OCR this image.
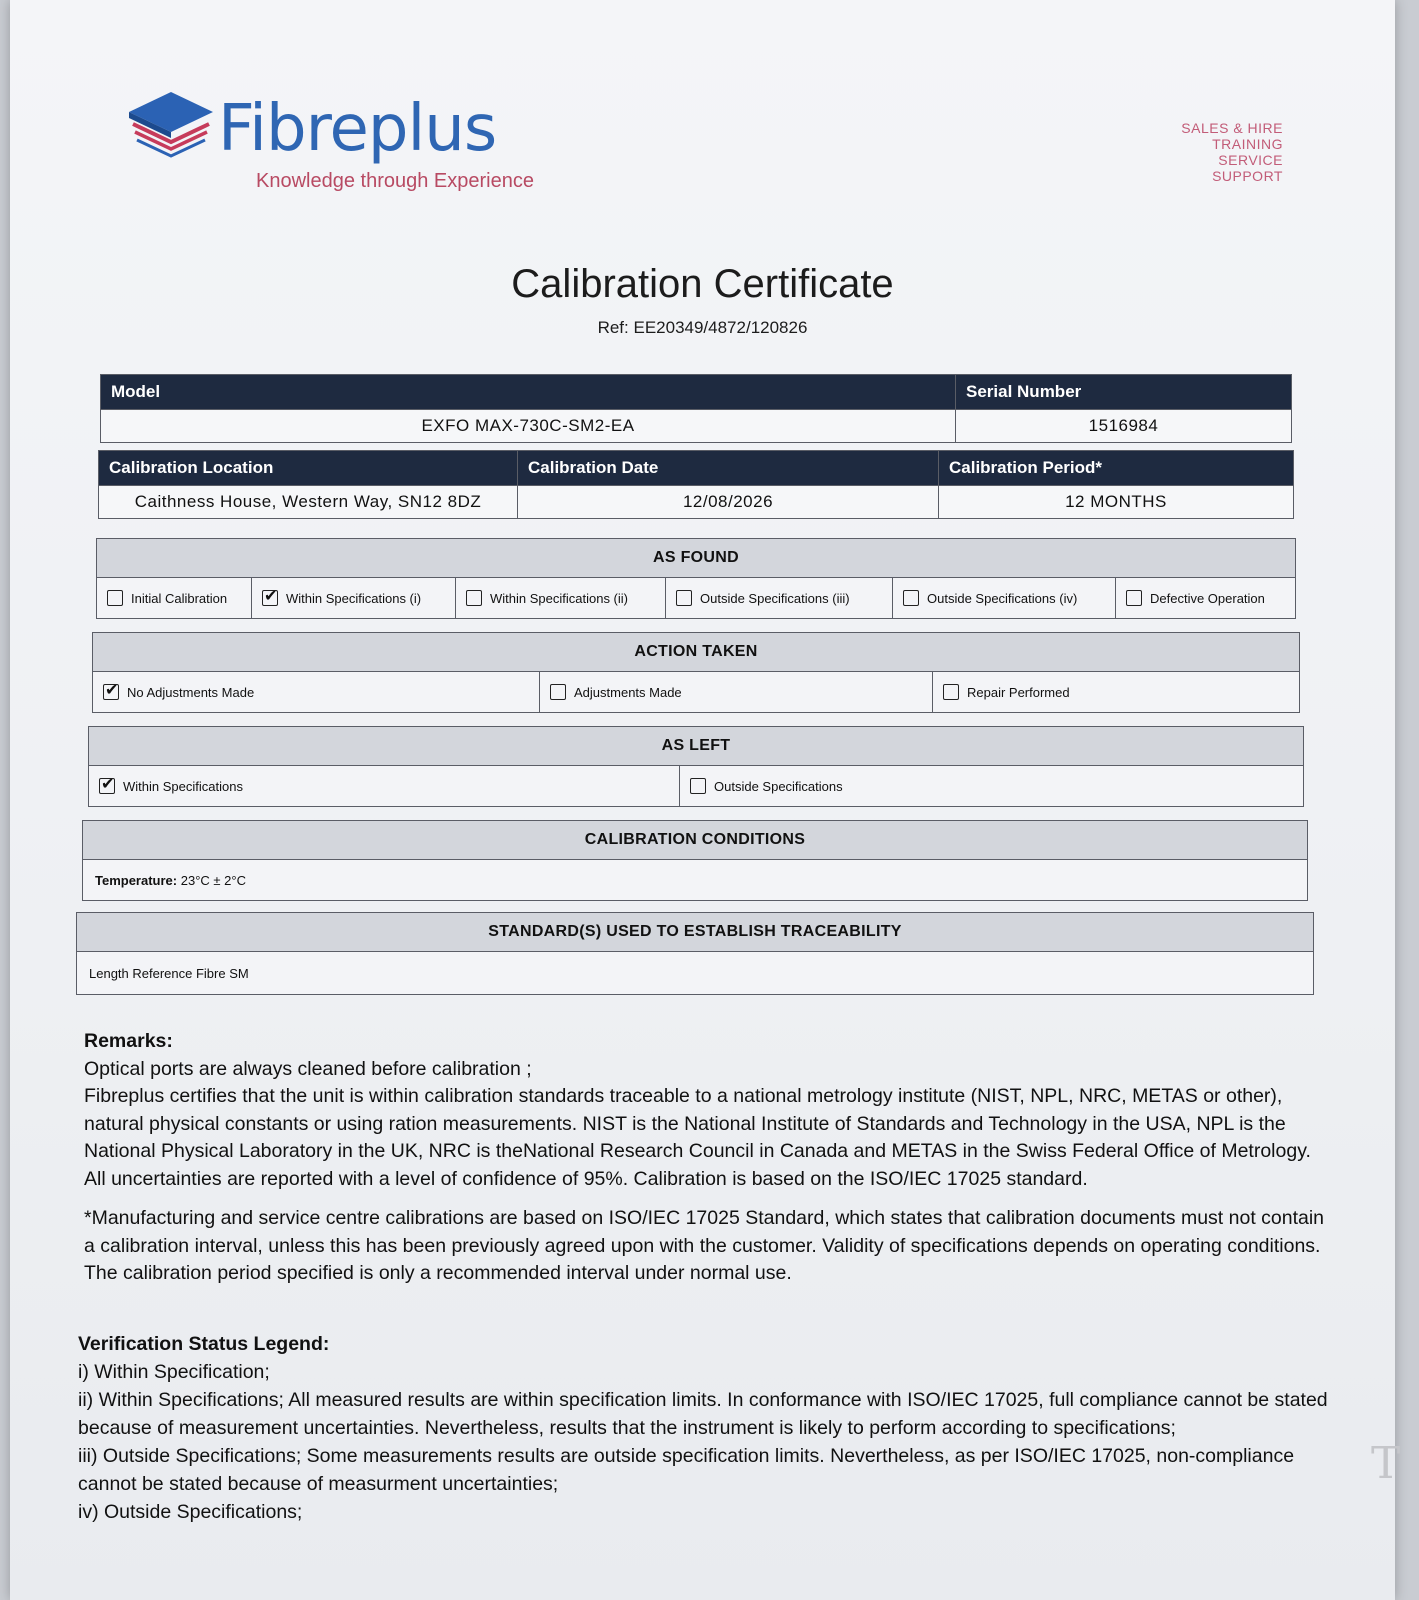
Fibreplus
Knowledge through Experience
SALES & HIRE
TRAINING
SERVICE
SUPPORT
Calibration Certificate
Ref: EE20349/4872/120826
Model	Serial Number
EXFO MAX-730C-SM2-EA	1516984
Calibration Location	Calibration Date	Calibration Period*
Caithness House, Western Way, SN12 8DZ	12/08/2026	12 MONTHS
AS FOUND
Initial Calibration	✔Within Specifications (i)	Within Specifications (ii)	Outside Specifications (iii)	Outside Specifications (iv)	Defective Operation
ACTION TAKEN
✔No Adjustments Made	Adjustments Made	Repair Performed
AS LEFT
✔Within Specifications	Outside Specifications
CALIBRATION CONDITIONS
Temperature: 23°C ± 2°C
STANDARD(S) USED TO ESTABLISH TRACEABILITY
Length Reference Fibre SM

Remarks:

Optical ports are always cleaned before calibration ;

Fibreplus certifies that the unit is within calibration standards traceable to a national metrology institute (NIST, NPL, NRC, METAS or other), natural physical constants or using ration measurements. NIST is the National Institute of Standards and Technology in the USA, NPL is the National Physical Laboratory in the UK, NRC is theNational Research Council in Canada and METAS in the Swiss Federal Office of Metrology. All uncertainties are reported with a level of confidence of 95%. Calibration is based on the ISO/IEC 17025 standard.

*Manufacturing and service centre calibrations are based on ISO/IEC 17025 Standard, which states that calibration documents must not contain a calibration interval, unless this has been previously agreed upon with the customer. Validity of specifications depends on operating conditions. The calibration period specified is only a recommended interval under normal use.

Verification Status Legend:

i) Within Specification;

ii) Within Specifications; All measured results are within specification limits. In conformance with ISO/IEC 17025, full compliance cannot be stated because of measurement uncertainties. Nevertheless, results that the instrument is likely to perform according to specifications;

iii) Outside Specifications; Some measurements results are outside specification limits. Nevertheless, as per ISO/IEC 17025, non-compliance cannot be stated because of measurment uncertainties;

iv) Outside Specifications;

T
